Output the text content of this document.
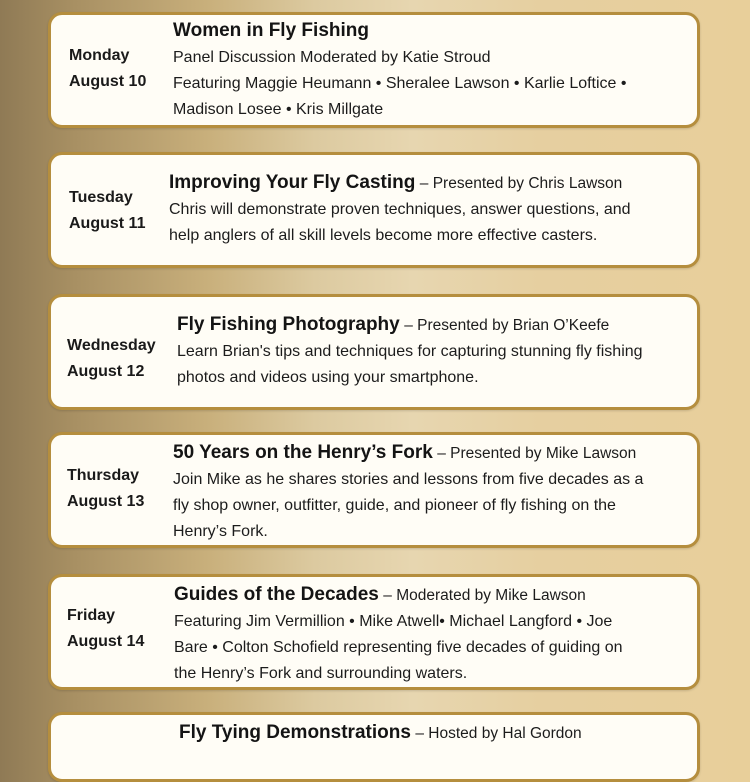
Monday
August 10
Women in Fly Fishing
Panel Discussion Moderated by Katie Stroud
Featuring Maggie Heumann • Sheralee Lawson • Karlie Loftice •
Madison Losee • Kris Millgate
Tuesday
August 11
Improving Your Fly Casting – Presented by Chris Lawson
Chris will demonstrate proven techniques, answer questions, and
help anglers of all skill levels become more effective casters.
Wednesday
August 12
Fly Fishing Photography – Presented by Brian O’Keefe
Learn Brian's tips and techniques for capturing stunning fly fishing
photos and videos using your smartphone.
Thursday
August 13
50 Years on the Henry’s Fork – Presented by Mike Lawson
Join Mike as he shares stories and lessons from five decades as a
fly shop owner, outfitter, guide, and pioneer of fly fishing on the
Henry’s Fork.
Friday
August 14
Guides of the Decades – Moderated by Mike Lawson
Featuring Jim Vermillion • Mike Atwell• Michael Langford • Joe
Bare • Colton Schofield representing five decades of guiding on
the Henry’s Fork and surrounding waters.
Fly Tying Demonstrations – Hosted by Hal Gordon
